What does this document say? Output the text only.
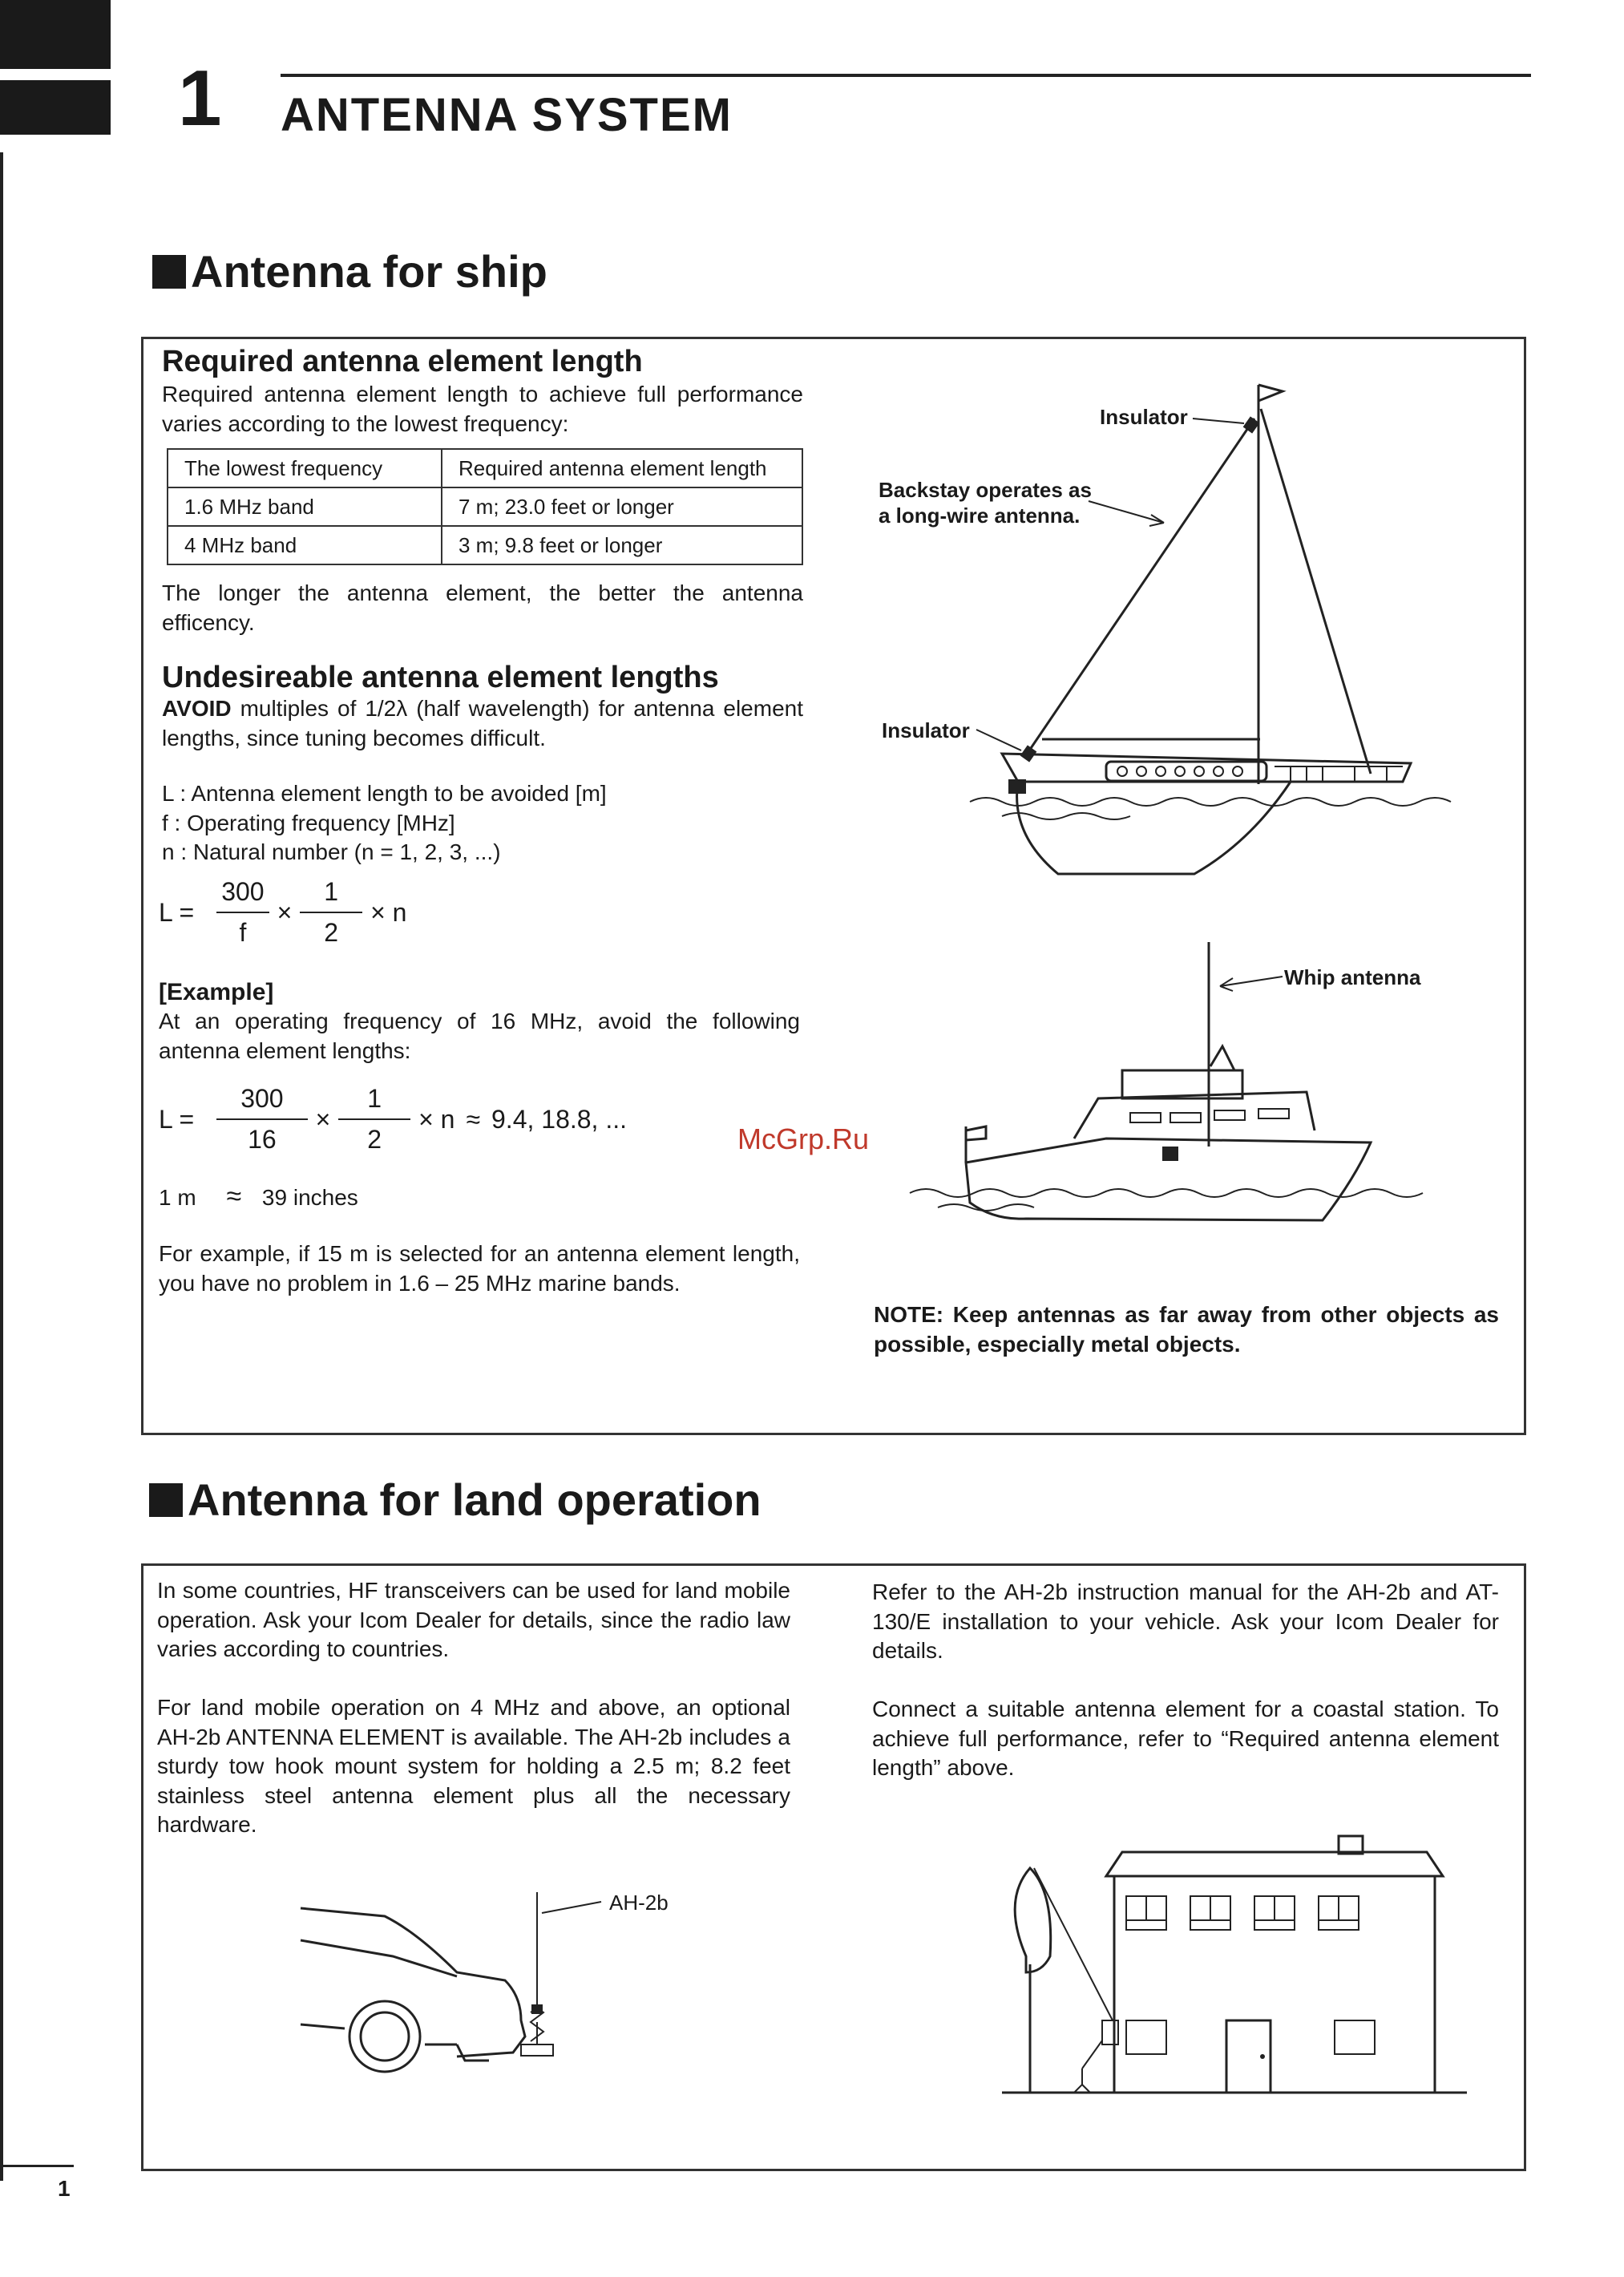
1 ANTENNA SYSTEM
Antenna for ship
Required antenna element length
Required antenna element length to achieve full performance varies according to the lowest frequency:
The lowest frequency	Required antenna element length
1.6 MHz band	7 m; 23.0 feet or longer
4 MHz band	3 m; 9.8 feet or longer
The longer the antenna element, the better the antenna efficency.
Undesireable antenna element lengths
AVOID multiples of 1/2λ (half wavelength) for antenna element lengths, since tuning becomes difficult.
L : Antenna element length to be avoided [m]
f : Operating frequency [MHz]
n : Natural number (n = 1, 2, 3, ...)
$L = \frac{300}{f} \times \frac{1}{2} \times n$
[Example]
At an operating frequency of 16 MHz, avoid the following antenna element lengths:
$L = \frac{300}{16} \times \frac{1}{2} \times n \approx 9.4$, 18.8, ...
1 m ≈ 39 inches
For example, if 15 m is selected for an antenna element length, you have no problem in 1.6 – 25 MHz marine bands.
Insulator
Backstay operates as
a long-wire antenna.
Insulator
Whip antenna
McGrp.Ru
NOTE: Keep antennas as far away from other objects as possible, especially metal objects.
Antenna for land operation
In some countries, HF transceivers can be used for land mobile operation. Ask your Icom Dealer for details, since the radio law varies according to countries.
For land mobile operation on 4 MHz and above, an optional AH-2b ANTENNA ELEMENT is available. The AH-2b includes a sturdy tow hook mount system for holding a 2.5 m; 8.2 feet stainless steel antenna element plus all the necessary hardware.
Refer to the AH-2b instruction manual for the AH-2b and AT-130/E installation to your vehicle. Ask your Icom Dealer for details.
Connect a suitable antenna element for a coastal station. To achieve full performance, refer to “Required antenna element length” above.
AH-2b
1
